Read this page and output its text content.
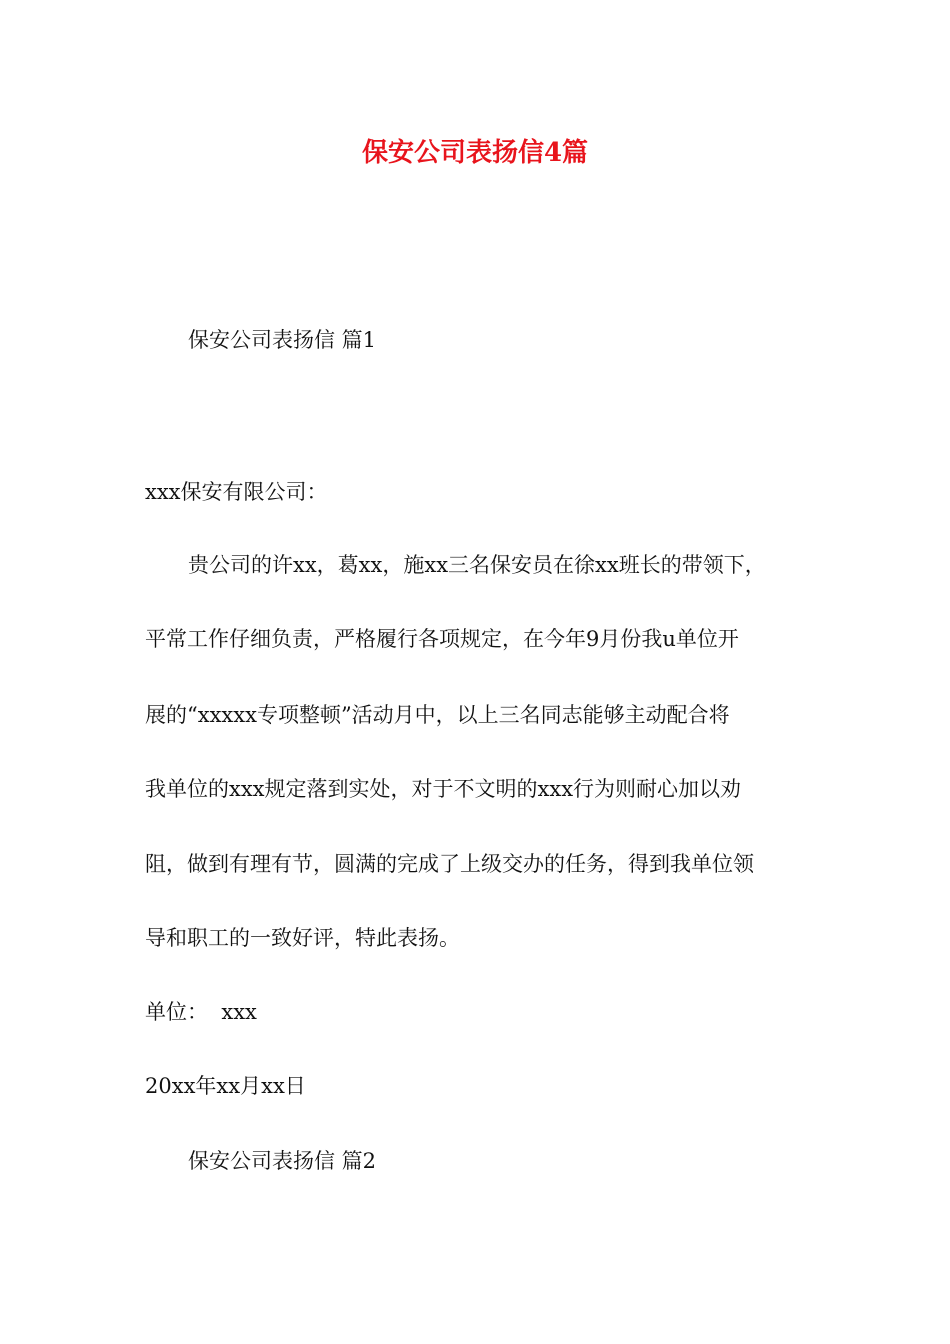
保安公司表扬信4篇
保安公司表扬信 篇1
xxx保安有限公司：
贵公司的许xx，葛xx，施xx三名保安员在徐xx班长的带领下，
平常工作仔细负责，严格履行各项规定，在今年9月份我u单位开
展的“xxxxx专项整顿”活动月中，以上三名同志能够主动配合将
我单位的xxx规定落到实处，对于不文明的xxx行为则耐心加以劝
阻，做到有理有节，圆满的完成了上级交办的任务，得到我单位领
导和职工的一致好评，特此表扬。
单位：  xxx
20xx年xx月xx日
保安公司表扬信 篇2
